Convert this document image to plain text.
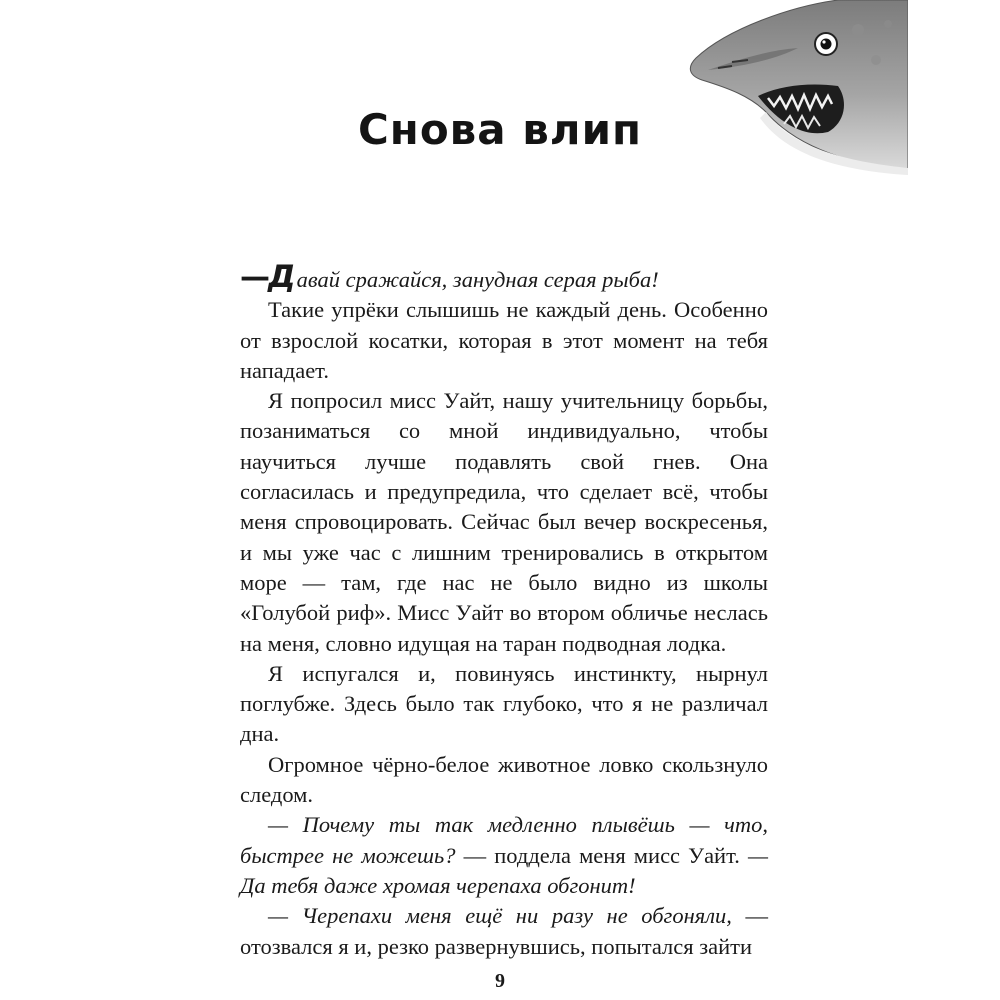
Снова влип

—Давай сражайся, занудная серая рыба!

Такие упрёки слышишь не каждый день. Особенно от взрослой косатки, которая в этот момент на тебя нападает.

Я попросил мисс Уайт, нашу учительницу борьбы, позаниматься со мной индивидуально, чтобы научиться лучше подавлять свой гнев. Она согласилась и предупредила, что сделает всё, чтобы меня спровоцировать. Сейчас был вечер воскресенья, и мы уже час с лишним тренировались в открытом море — там, где нас не было видно из школы «Голубой риф». Мисс Уайт во втором обличье неслась на меня, словно идущая на таран подводная лодка.

Я испугался и, повинуясь инстинкту, нырнул поглубже. Здесь было так глубоко, что я не различал дна.

Огромное чёрно-белое животное ловко скользнуло следом.

— Почему ты так медленно плывёшь — что, быстрее не можешь? — поддела меня мисс Уайт. — Да тебя даже хромая черепаха обгонит!

— Черепахи меня ещё ни разу не обгоняли, — отозвался я и, резко развернувшись, попытался зайти

9
